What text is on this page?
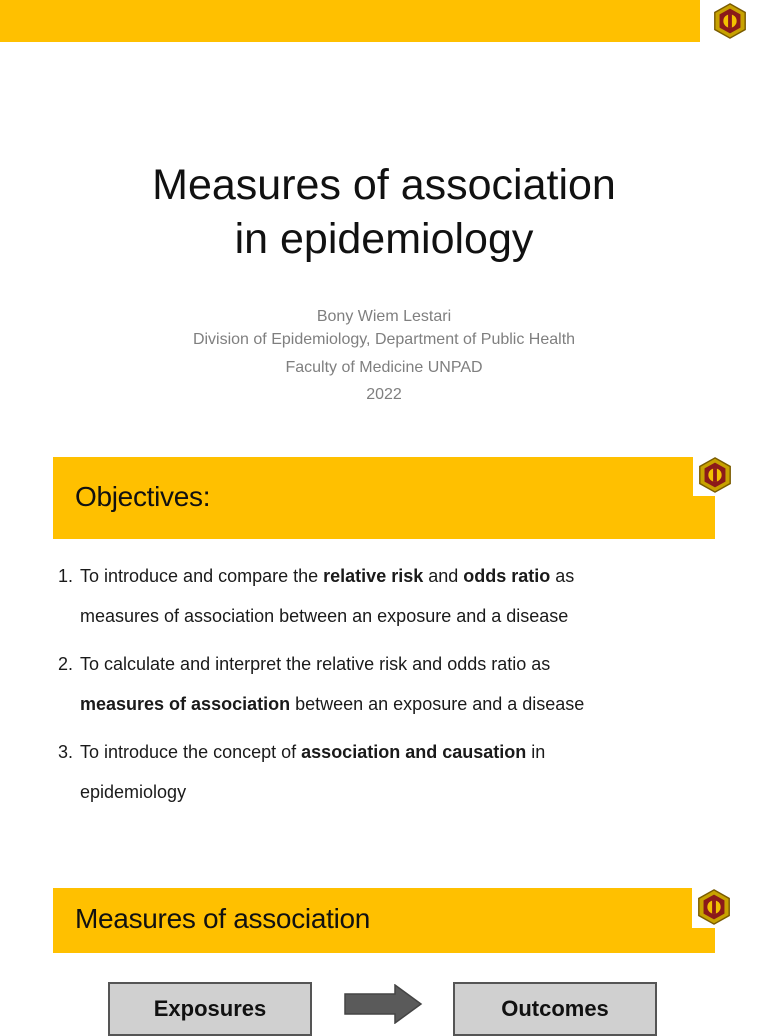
Measures of association
in epidemiology
Bony Wiem Lestari
Division of Epidemiology, Department of Public Health
Faculty of Medicine UNPAD
2022
Objectives:
1. To introduce and compare the relative risk and odds ratio as
measures of association between an exposure and a disease
2. To calculate and interpret the relative risk and odds ratio as
measures of association between an exposure and a disease
3. To introduce the concept of association and causation in
epidemiology
Measures of association
Exposures	Outcomes
